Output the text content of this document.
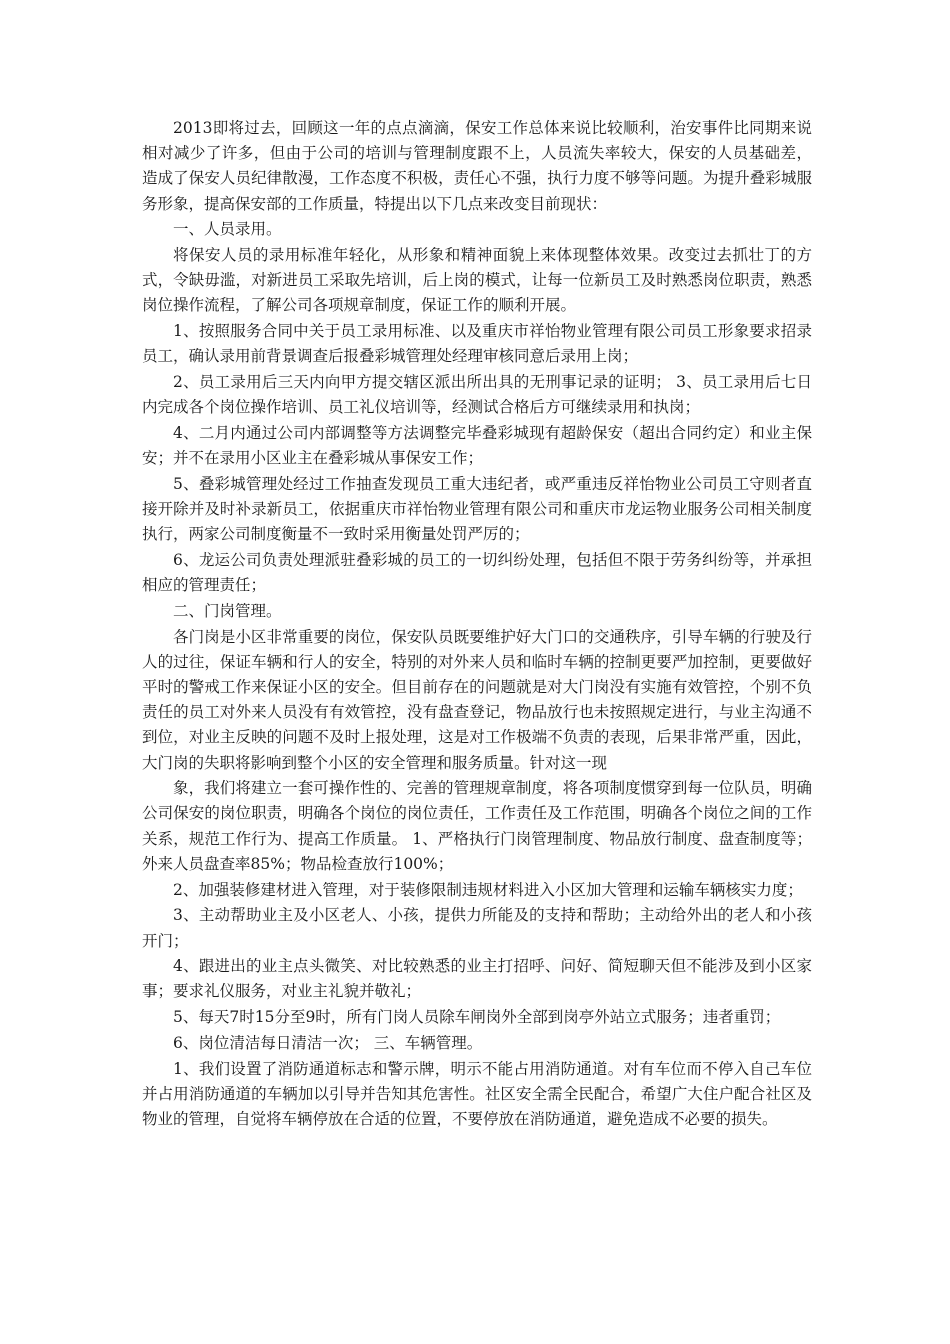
2013即将过去，回顾这一年的点点滴滴，保安工作总体来说比较顺利，治安事件比同期来说相对减少了许多，但由于公司的培训与管理制度跟不上，人员流失率较大，保安的人员基础差， 造成了保安人员纪律散漫，工作态度不积极，责任心不强，执行力度不够等问题。为提升叠彩城服务形象，提高保安部的工作质量，特提出以下几点来改变目前现状：

一、人员录用。

将保安人员的录用标准年轻化，从形象和精神面貌上来体现整体效果。改变过去抓壮丁的方式，令缺毋滥，对新进员工采取先培训，后上岗的模式，让每一位新员工及时熟悉岗位职责，熟悉岗位操作流程，了解公司各项规章制度，保证工作的顺利开展。

1、按照服务合同中关于员工录用标准、以及重庆市祥怡物业管理有限公司员工形象要求招录员工，确认录用前背景调查后报叠彩城管理处经理审核同意后录用上岗；

2、员工录用后三天内向甲方提交辖区派出所出具的无刑事记录的证明； 3、员工录用后七日内完成各个岗位操作培训、员工礼仪培训等，经测试合格后方可继续录用和执岗；

4、二月内通过公司内部调整等方法调整完毕叠彩城现有超龄保安（超出合同约定）和业主保安；并不在录用小区业主在叠彩城从事保安工作；

5、叠彩城管理处经过工作抽查发现员工重大违纪者，或严重违反祥怡物业公司员工守则者直接开除并及时补录新员工，依据重庆市祥怡物业管理有限公司和重庆市龙运物业服务公司相关制度执行，两家公司制度衡量不一致时采用衡量处罚严厉的；

6、龙运公司负责处理派驻叠彩城的员工的一切纠纷处理，包括但不限于劳务纠纷等，并承担相应的管理责任；

二、门岗管理。

各门岗是小区非常重要的岗位，保安队员既要维护好大门口的交通秩序，引导车辆的行驶及行人的过往，保证车辆和行人的安全，特别的对外来人员和临时车辆的控制更要严加控制，更要做好平时的警戒工作来保证小区的安全。但目前存在的问题就是对大门岗没有实施有效管控，个别不负责任的员工对外来人员没有有效管控，没有盘查登记，物品放行也未按照规定进行，与业主沟通不到位，对业主反映的问题不及时上报处理，这是对工作极端不负责的表现，后果非常严重，因此，大门岗的失职将影响到整个小区的安全管理和服务质量。针对这一现

象，我们将建立一套可操作性的、完善的管理规章制度，将各项制度惯穿到每一位队员，明确公司保安的岗位职责，明确各个岗位的岗位责任，工作责任及工作范围，明确各个岗位之间的工作关系，规范工作行为、提高工作质量。 1、严格执行门岗管理制度、物品放行制度、盘查制度等；外来人员盘查率85%；物品检查放行100%；

2、加强装修建材进入管理，对于装修限制违规材料进入小区加大管理和运输车辆核实力度；

3、主动帮助业主及小区老人、小孩，提供力所能及的支持和帮助；主动给外出的老人和小孩开门；

4、跟进出的业主点头微笑、对比较熟悉的业主打招呼、问好、简短聊天但不能涉及到小区家事；要求礼仪服务，对业主礼貌并敬礼；

5、每天7时15分至9时，所有门岗人员除车闸岗外全部到岗亭外站立式服务；违者重罚；

6、岗位清洁每日清洁一次； 三、车辆管理。

1、我们设置了消防通道标志和警示牌，明示不能占用消防通道。对有车位而不停入自己车位并占用消防通道的车辆加以引导并告知其危害性。社区安全需全民配合，希望广大住户配合社区及物业的管理，自觉将车辆停放在合适的位置，不要停放在消防通道，避免造成不必要的损失。
